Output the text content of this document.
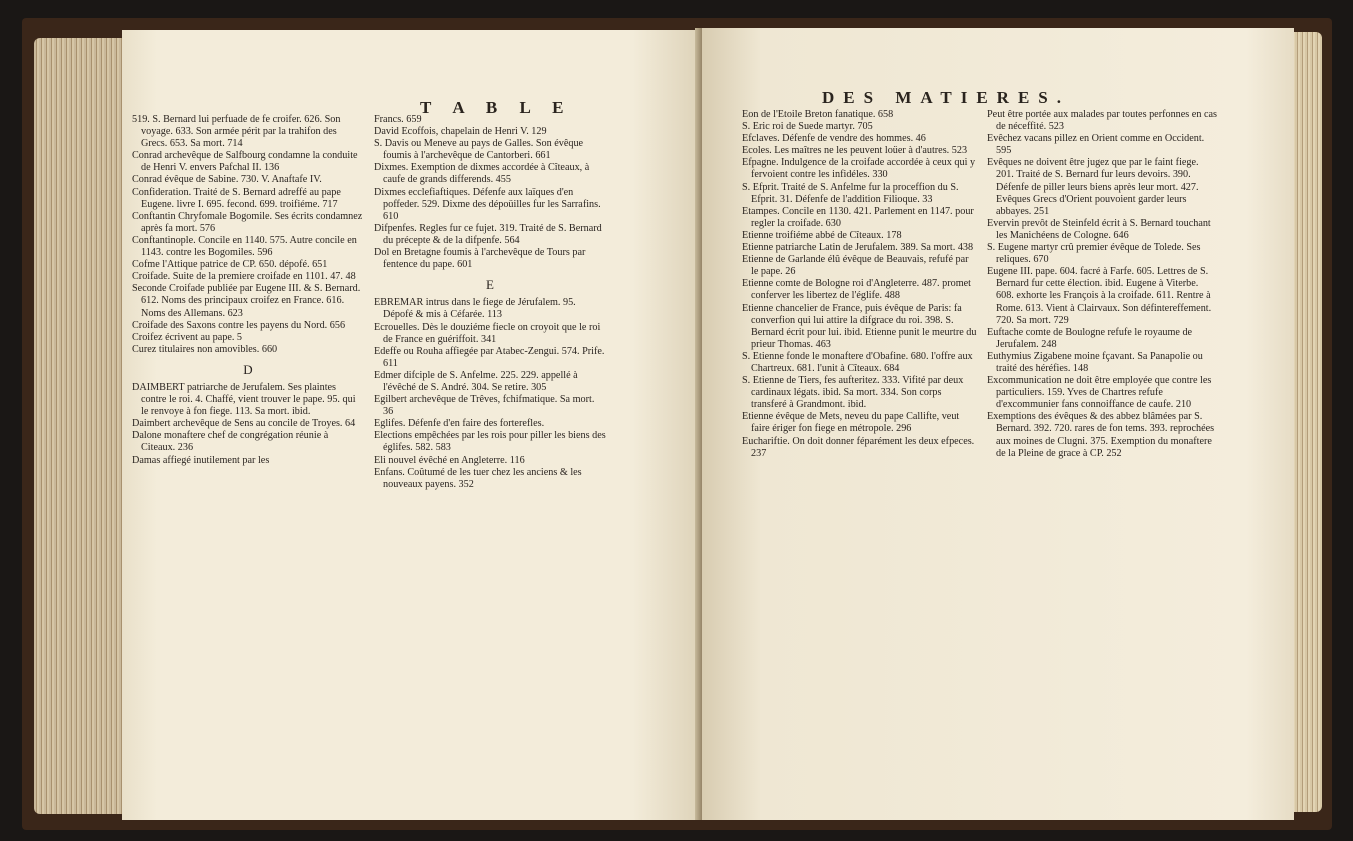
T A B L E
519. S. Bernard lui perfuade de fe croifer. 626. Son voyage. 633. Son armée périt par la trahifon des Grecs. 653. Sa mort. 714
Conrad archevêque de Salfbourg condamne la conduite de Henri V. envers Pafchal II. 136
Conrad évêque de Sabine. 730. V. Anaftafe IV.
Confideration. Traité de S. Bernard adreffé au pape Eugene. livre I. 695. fecond. 699. troifiéme. 717
Conftantin Chryfomale Bogomile. Ses écrits condamnez après fa mort. 576
Conftantinople. Concile en 1140. 575. Autre concile en 1143. contre les Bogomiles. 596
Cofme l'Attique patrice de CP. 650. dépofé. 651
Croifade. Suite de la premiere croifade en 1101. 47. 48
Seconde Croifade publiée par Eugene III. & S. Bernard. 612. Noms des principaux croifez en France. 616. Noms des Allemans. 623
Croifade des Saxons contre les payens du Nord. 656
Croifez écrivent au pape. 5
Curez titulaires non amovibles. 660
D
DAIMBERT patriarche de Jerufalem. Ses plaintes contre le roi. 4. Chaffé, vient trouver le pape. 95. qui le renvoye à fon fiege. 113. Sa mort. ibid.
Daimbert archevêque de Sens au concile de Troyes. 64
Dalone monaftere chef de congrégation réunie à Citeaux. 236
Damas affiegé inutilement par les
Francs. 659
David Ecoffois, chapelain de Henri V. 129
S. Davis ou Meneve au pays de Galles. Son évêque foumis à l'archevêque de Cantorberi. 661
Dixmes. Exemption de dixmes accordée à Cîteaux, à caufe de grands differends. 455
Dixmes ecclefiaftiques. Défenfe aux laïques d'en poffeder. 529. Dixme des dépoüilles fur les Sarrafins. 610
Difpenfes. Regles fur ce fujet. 319. Traité de S. Bernard du précepte & de la difpenfe. 564
Dol en Bretagne foumis à l'archevêque de Tours par fentence du pape. 601
E
EBREMAR intrus dans le fiege de Jérufalem. 95. Dépofé & mis à Céfarée. 113
Ecrouelles. Dès le douziéme fiecle on croyoit que le roi de France en guériffoit. 341
Edeffe ou Rouha affiegée par Atabec-Zengui. 574. Prife. 611
Edmer difciple de S. Anfelme. 225. 229. appellé à l'évêché de S. André. 304. Se retire. 305
Egilbert archevêque de Trêves, fchifmatique. Sa mort. 36
Eglifes. Défenfe d'en faire des forterefles.
Elections empêchées par les rois pour piller les biens des églifes. 582. 583
Eli nouvel évêché en Angleterre. 116
Enfans. Coûtumé de les tuer chez les anciens & les nouveaux payens. 352
DES MATIERES.
Eon de l'Etoile Breton fanatique. 658
S. Eric roi de Suede martyr. 705
Efclaves. Défenfe de vendre des hommes. 46
Ecoles. Les maîtres ne les peuvent loüer à d'autres. 523
Efpagne. Indulgence de la croifade accordée à ceux qui y fervoient contre les infidéles. 330
S. Efprit. Traité de S. Anfelme fur la proceffion du S. Efprit. 31. Défenfe de l'addition Filioque. 33
Etampes. Concile en 1130. 421. Parlement en 1147. pour regler la croifade. 630
Etienne troifiéme abbé de Cîteaux. 178
Etienne patriarche Latin de Jerufalem. 389. Sa mort. 438
Etienne de Garlande élû évêque de Beauvais, refufé par le pape. 26
Etienne comte de Bologne roi d'Angleterre. 487. promet conferver les libertez de l'églife. 488
Etienne chancelier de France, puis évêque de Paris: fa converfion qui lui attire la difgrace du roi. 398. S. Bernard écrit pour lui. ibid. Etienne punit le meurtre du prieur Thomas. 463
S. Etienne fonde le monaftere d'Obafine. 680. l'offre aux Chartreux. 681. l'unit à Cîteaux. 684
S. Etienne de Tiers, fes aufteritez. 333. Vifité par deux cardinaux légats. ibid. Sa mort. 334. Son corps transferé à Grandmont. ibid.
Etienne évêque de Mets, neveu du pape Callifte, veut faire ériger fon fiege en métropole. 296
Euchariftie. On doit donner féparément les deux efpeces. 237
Peut être portée aux malades par toutes perfonnes en cas de néceffité. 523
Evêchez vacans pillez en Orient comme en Occident. 595
Evêques ne doivent être jugez que par le faint fiege. 201. Traité de S. Bernard fur leurs devoirs. 390. Défenfe de piller leurs biens après leur mort. 427. Evêques Grecs d'Orient pouvoient garder leurs abbayes. 251
Evervin prevôt de Steinfeld écrit à S. Bernard touchant les Manichéens de Cologne. 646
S. Eugene martyr crû premier évêque de Tolede. Ses reliques. 670
Eugene III. pape. 604. facré à Farfe. 605. Lettres de S. Bernard fur cette élection. ibid. Eugene à Viterbe. 608. exhorte les François à la croifade. 611. Rentre à Rome. 613. Vient à Clairvaux. Son défintereffement. 720. Sa mort. 729
Euftache comte de Boulogne refufe le royaume de Jerufalem. 248
Euthymius Zigabene moine fçavant. Sa Panapolie ou traité des héréfies. 148
Excommunication ne doit être employée que contre les particuliers. 159. Yves de Chartres refufe d'excommunier fans connoiffance de caufe. 210
Exemptions des évêques & des abbez blâmées par S. Bernard. 392. 720. rares de fon tems. 393. reprochées aux moines de Clugni. 375. Exemption du monaftere de la Pleine de grace à CP. 252
